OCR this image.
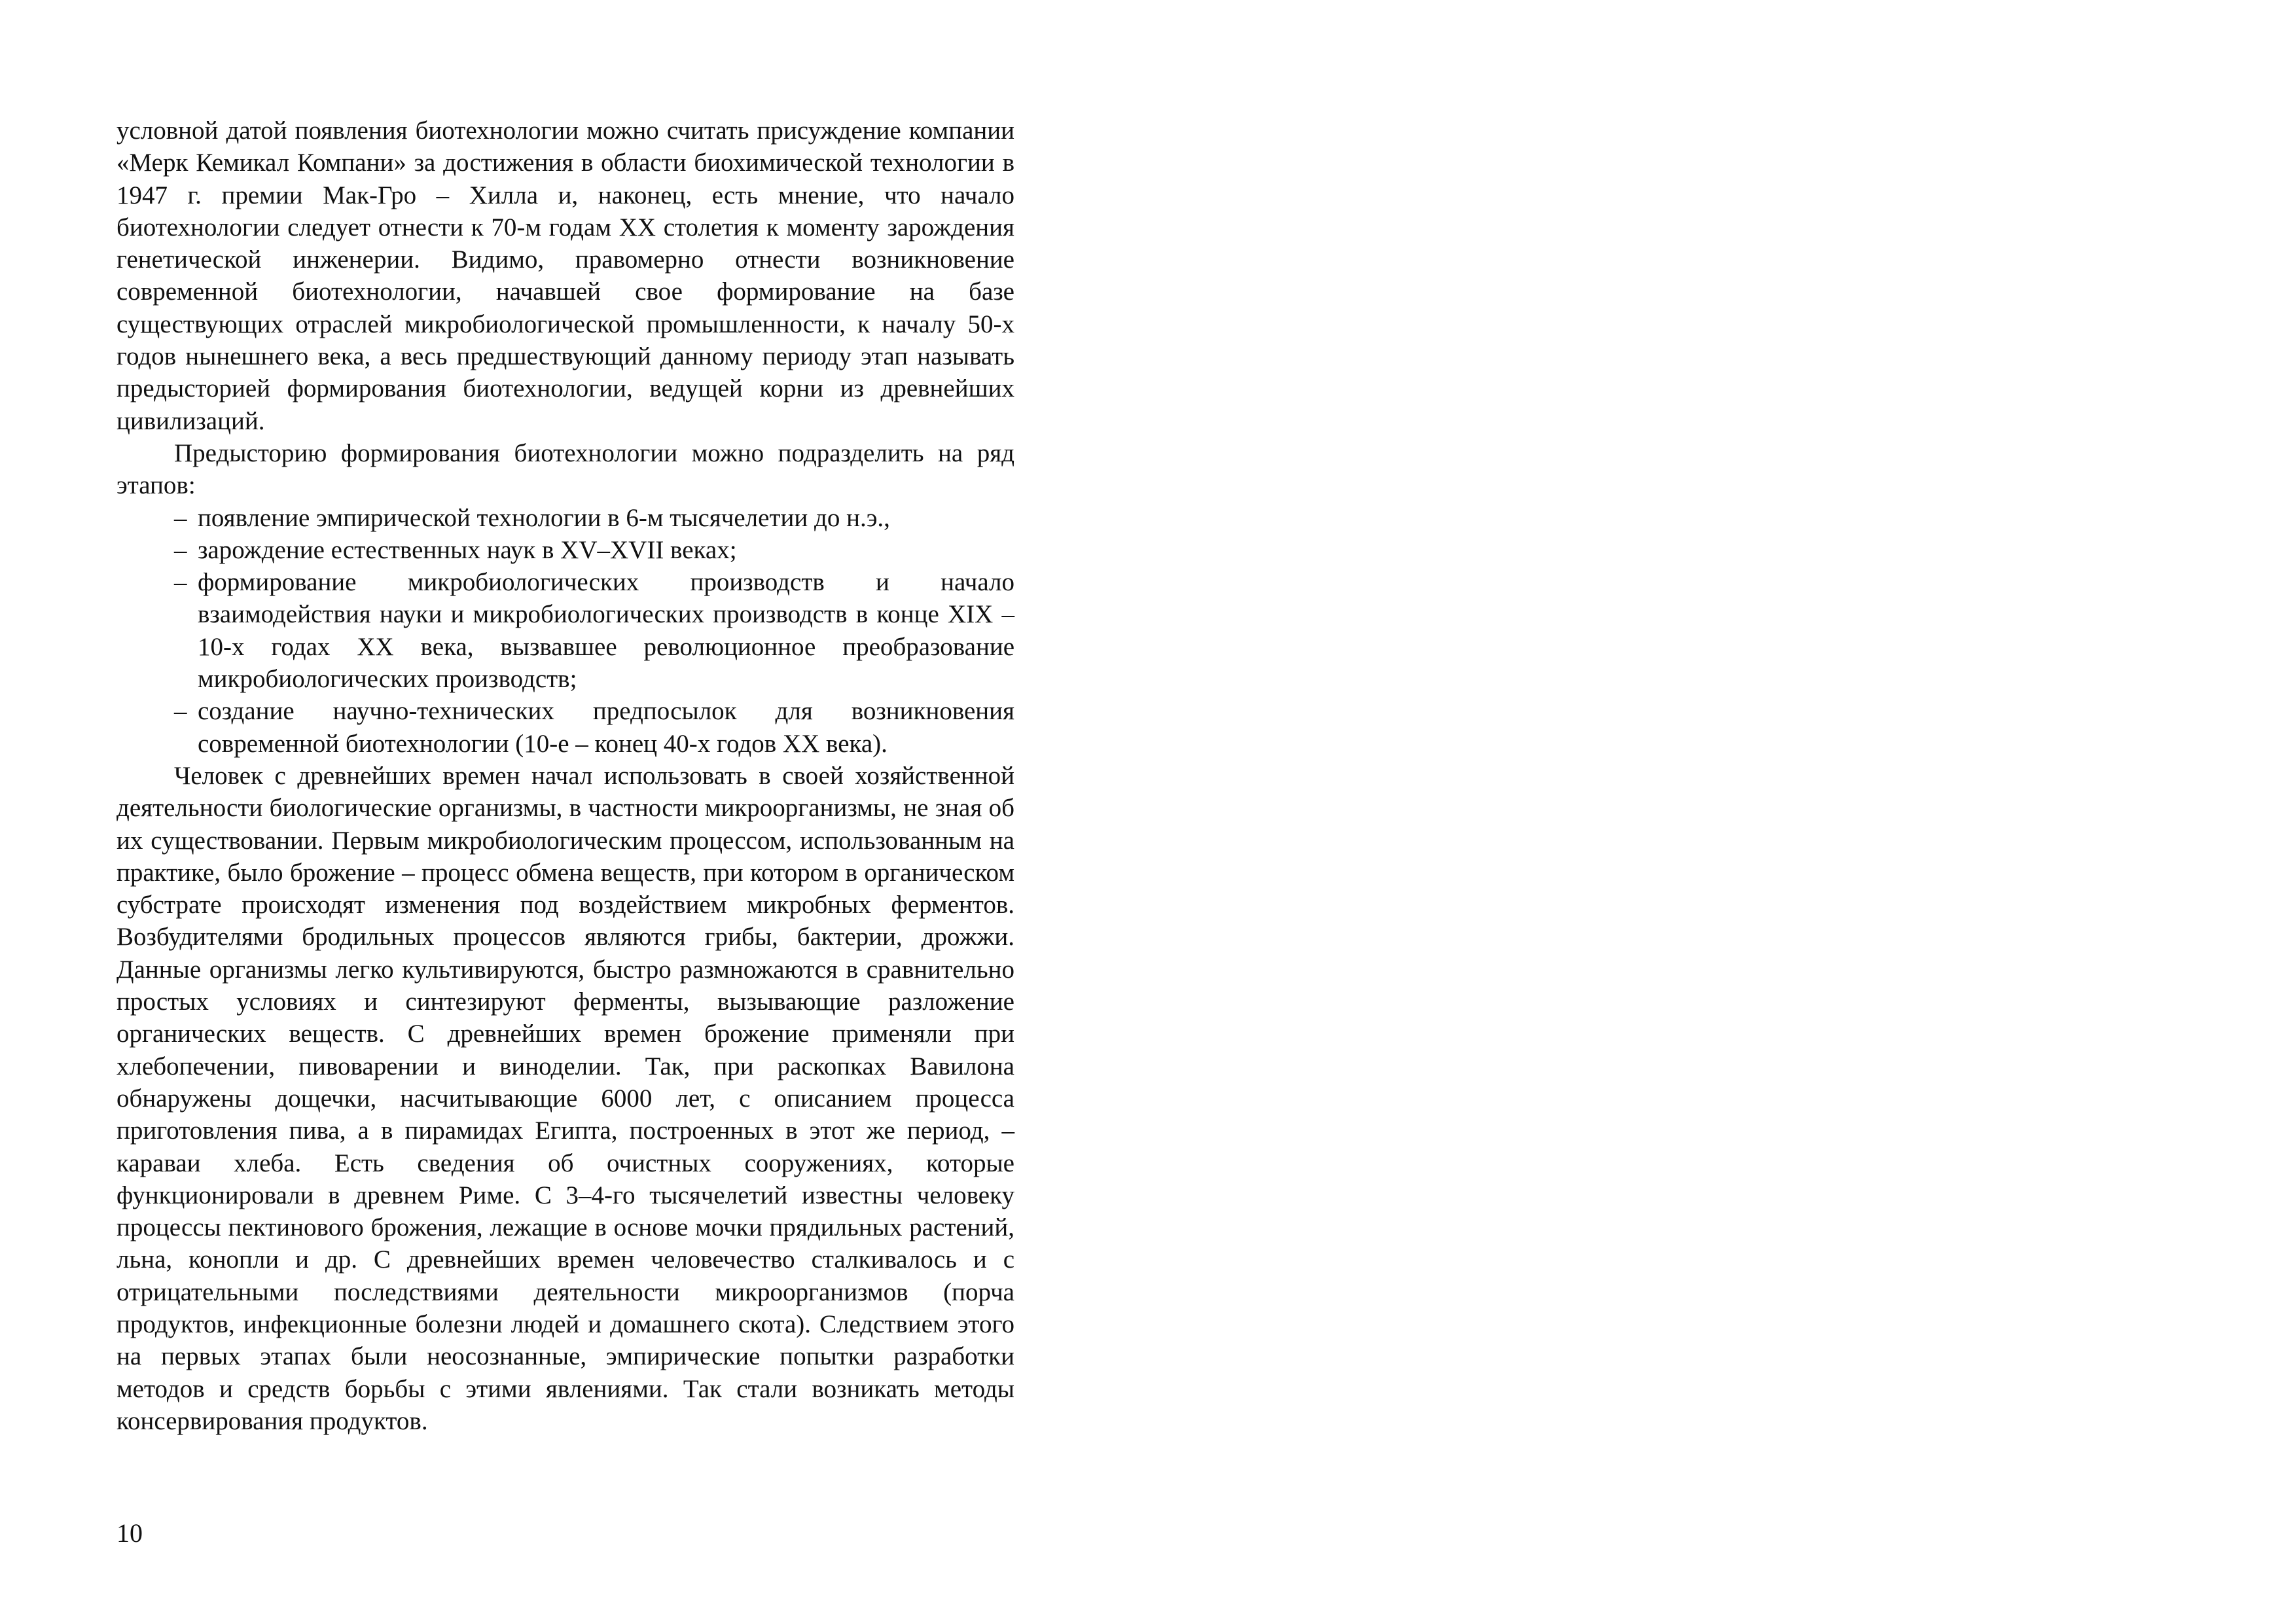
условной датой появления биотехнологии можно считать присуждение компании «Мерк Кемикал Компани» за достижения в области биохимической технологии в 1947 г. премии Мак-Гро – Хилла и, наконец, есть мнение, что начало биотехнологии следует отнести к 70-м годам XX столетия к моменту зарождения генетической инженерии. Видимо, правомерно отнести возникновение современной биотехнологии, начавшей свое формирование на базе существующих отраслей микробиологической промышленности, к началу 50-х годов нынешнего века, а весь предшествующий данному периоду этап называть предысторией формирования биотехнологии, ведущей корни из древнейших цивилизаций.

Предысторию формирования биотехнологии можно подразделить на ряд этапов:

– появление эмпирической технологии в 6-м тысячелетии до н.э.,
– зарождение естественных наук в XV–XVII веках;
– формирование микробиологических производств и начало взаимодействия науки и микробиологических производств в конце XIX – 10-х годах XX века, вызвавшее революционное преобразование микробиологических производств;
– создание научно-технических предпосылок для возникновения современной биотехнологии (10-е – конец 40-х годов XX века).

Человек с древнейших времен начал использовать в своей хозяйственной деятельности биологические организмы, в частности микроорганизмы, не зная об их существовании. Первым микробиологическим процессом, использованным на практике, было брожение – процесс обмена веществ, при котором в органическом субстрате происходят изменения под воздействием микробных ферментов. Возбудителями бродильных процессов являются грибы, бактерии, дрожжи. Данные организмы легко культивируются, быстро размножаются в сравнительно простых условиях и синтезируют ферменты, вызывающие разложение органических веществ. С древнейших времен брожение применяли при хлебопечении, пивоварении и виноделии. Так, при раскопках Вавилона обнаружены дощечки, насчитывающие 6000 лет, с описанием процесса приготовления пива, а в пирамидах Египта, построенных в этот же период, – караваи хлеба. Есть сведения об очистных сооружениях, которые функционировали в древнем Риме. С 3–4-го тысячелетий известны человеку процессы пектинового брожения, лежащие в основе мочки прядильных растений, льна, конопли и др. С древнейших времен человечество сталкивалось и с отрицательными последствиями деятельности микроорганизмов (порча продуктов, инфекционные болезни людей и домашнего скота). Следствием этого на первых этапах были неосознанные, эмпирические попытки разработки методов и средств борьбы с этими явлениями. Так стали возникать методы консервирования продуктов.

10
